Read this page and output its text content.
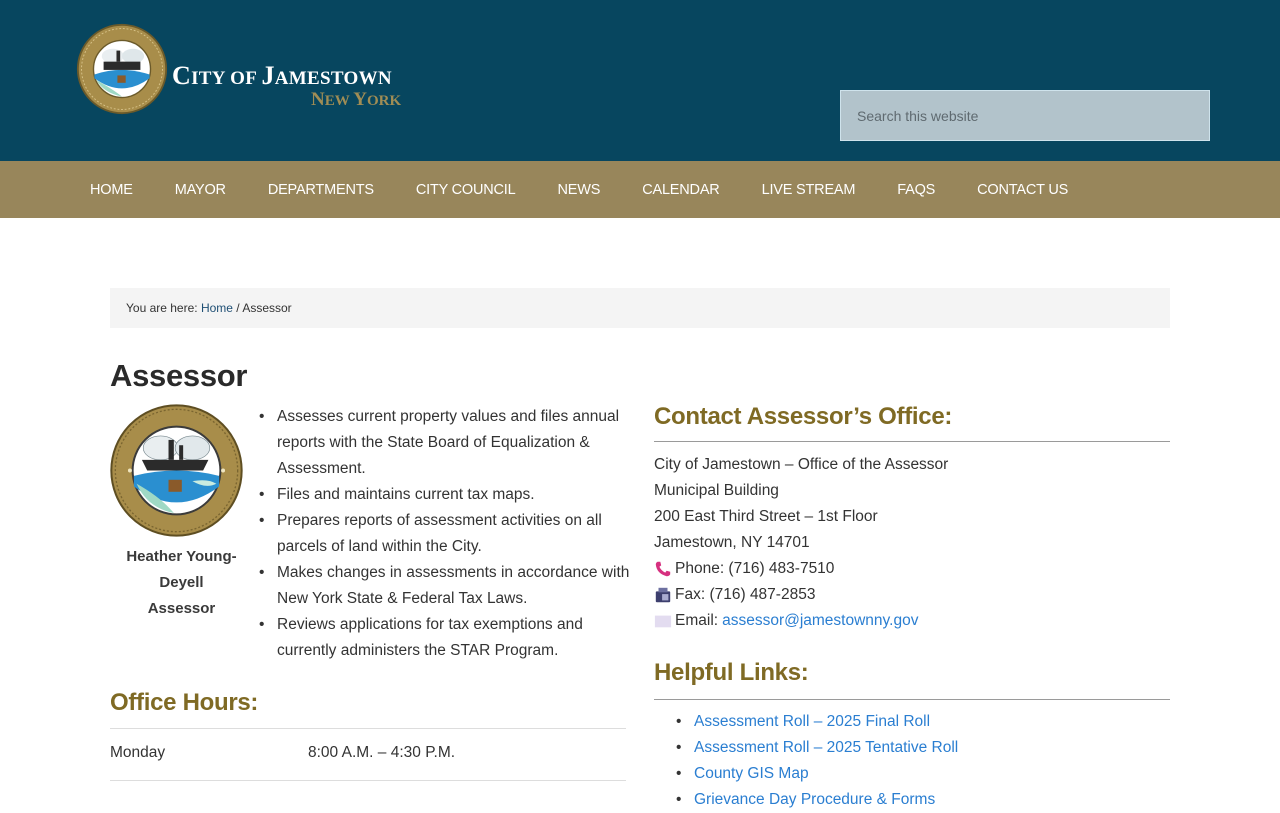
CITY OF JAMESTOWN
NEW YORK
Search this website
HOME	MAYOR	DEPARTMENTS	CITY COUNCIL	NEWS	CALENDAR	LIVE STREAM	FAQS	CONTACT US
You are here: Home / Assessor
Assessor
Heather Young-
Deyell
Assessor
• Assesses current property values and files annual reports with the State Board of Equalization & Assessment.
• Files and maintains current tax maps.
• Prepares reports of assessment activities on all parcels of land within the City.
• Makes changes in assessments in accordance with New York State & Federal Tax Laws.
• Reviews applications for tax exemptions and currently administers the STAR Program.
Office Hours:
Monday	8:00 A.M. – 4:30 P.M.
Contact Assessor’s Office:
City of Jamestown – Office of the Assessor
Municipal Building
200 East Third Street – 1st Floor
Jamestown, NY 14701
Phone: (716) 483-7510
Fax: (716) 487-2853
Email: assessor@jamestownny.gov
Helpful Links:
• Assessment Roll – 2025 Final Roll
• Assessment Roll – 2025 Tentative Roll
• County GIS Map
• Grievance Day Procedure & Forms
